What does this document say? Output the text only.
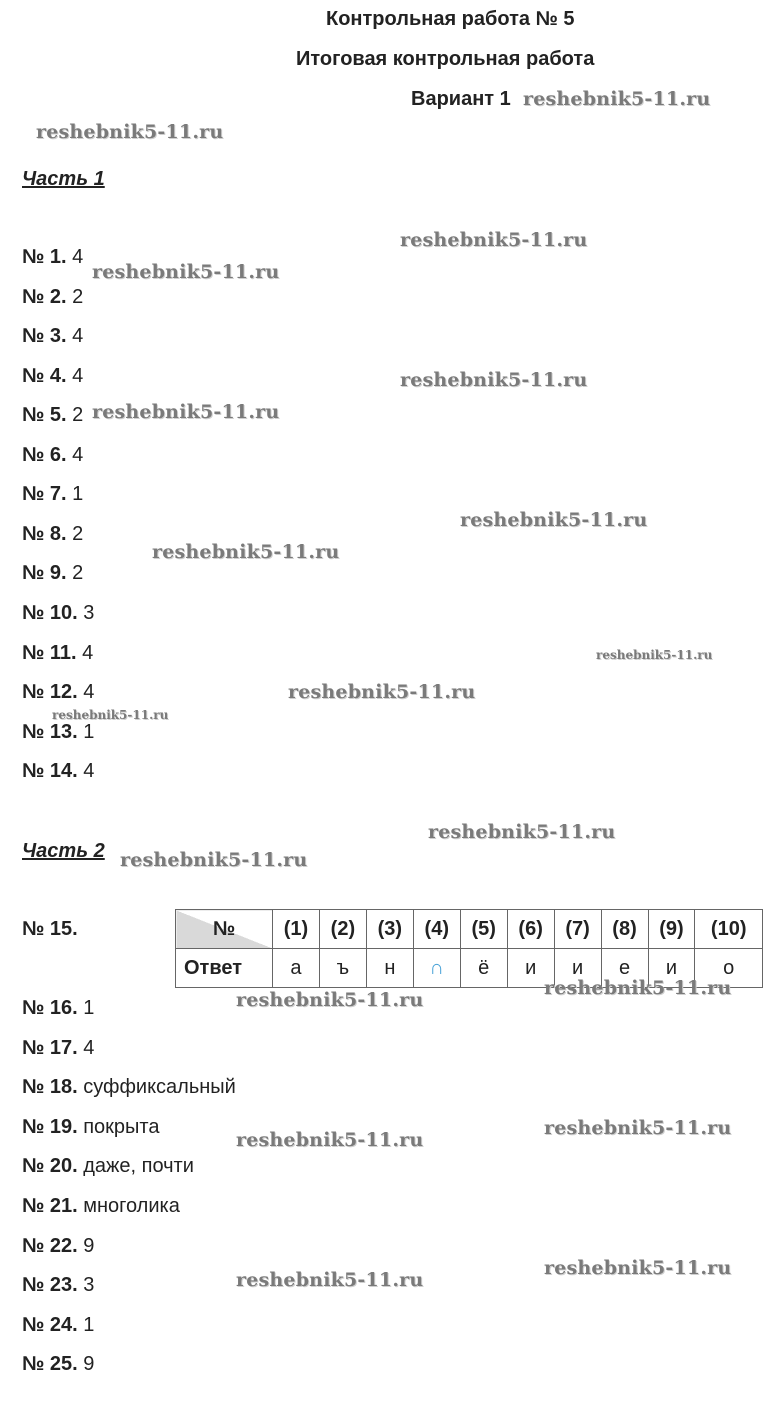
Контрольная работа № 5
Итоговая контрольная работа
Вариант 1
Часть 1
№ 1. 4
№ 2. 2
№ 3. 4
№ 4. 4
№ 5. 2
№ 6. 4
№ 7. 1
№ 8. 2
№ 9. 2
№ 10. 3
№ 11. 4
№ 12. 4
№ 13. 1
№ 14. 4
Часть 2
№ 15.	№	(1)	(2)	(3)	(4)	(5)	(6)	(7)	(8)	(9)	(10)
Ответ	а	ъ	н	∩	ё	и	и	е	и	о
№ 16. 1
№ 17. 4
№ 18. суффиксальный
№ 19. покрыта
№ 20. даже, почти
№ 21. многолика
№ 22. 9
№ 23. 3
№ 24. 1
№ 25. 9
reshebnik5-11.ru
reshebnik5-11.ru
reshebnik5-11.ru
reshebnik5-11.ru
reshebnik5-11.ru
reshebnik5-11.ru
reshebnik5-11.ru
reshebnik5-11.ru
reshebnik5-11.ru
reshebnik5-11.ru
reshebnik5-11.ru
reshebnik5-11.ru
reshebnik5-11.ru
reshebnik5-11.ru
reshebnik5-11.ru
reshebnik5-11.ru
reshebnik5-11.ru
reshebnik5-11.ru
reshebnik5-11.ru
